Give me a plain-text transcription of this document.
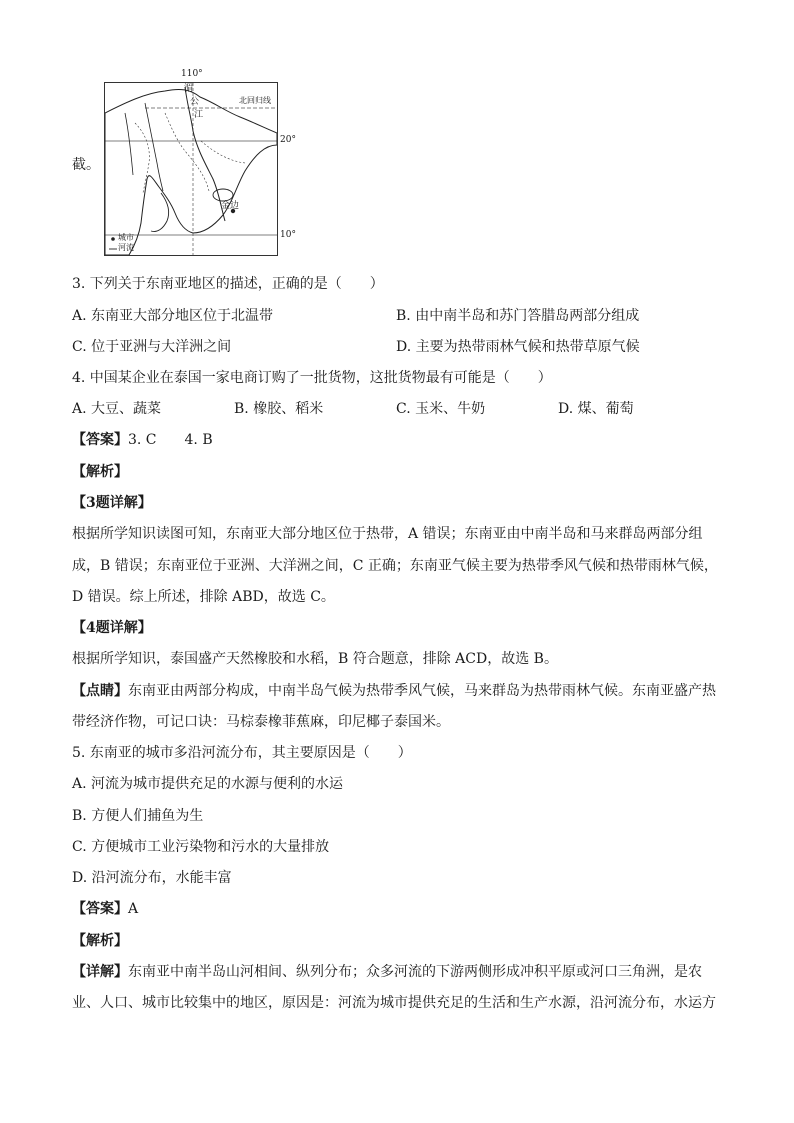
截。
110°
北回归线
20°
10°
湄
公
江
金边
城市
河流
3. 下列关于东南亚地区的描述，正确的是（　　）
A. 东南亚大部分地区位于北温带	B. 由中南半岛和苏门答腊岛两部分组成
C. 位于亚洲与大洋洲之间	D. 主要为热带雨林气候和热带草原气候
4. 中国某企业在泰国一家电商订购了一批货物，这批货物最有可能是（　　）
A. 大豆、蔬菜	B. 橡胶、稻米	C. 玉米、牛奶	D. 煤、葡萄
【答案】3. C　　4. B
【解析】
【3题详解】
根据所学知识读图可知，东南亚大部分地区位于热带，A 错误；东南亚由中南半岛和马来群岛两部分组
成，B 错误；东南亚位于亚洲、大洋洲之间，C 正确；东南亚气候主要为热带季风气候和热带雨林气候，
D 错误。综上所述，排除 ABD，故选 C。
【4题详解】
根据所学知识，泰国盛产天然橡胶和水稻，B 符合题意，排除 ACD，故选 B。
【点睛】东南亚由两部分构成，中南半岛气候为热带季风气候，马来群岛为热带雨林气候。东南亚盛产热
带经济作物，可记口诀：马棕泰橡菲蕉麻，印尼椰子泰国米。
5. 东南亚的城市多沿河流分布，其主要原因是（　　）
A. 河流为城市提供充足的水源与便利的水运
B. 方便人们捕鱼为生
C. 方便城市工业污染物和污水的大量排放
D. 沿河流分布，水能丰富
【答案】A
【解析】
【详解】东南亚中南半岛山河相间、纵列分布；众多河流的下游两侧形成冲积平原或河口三角洲，是农
业、人口、城市比较集中的地区，原因是：河流为城市提供充足的生活和生产水源，沿河流分布，水运方
